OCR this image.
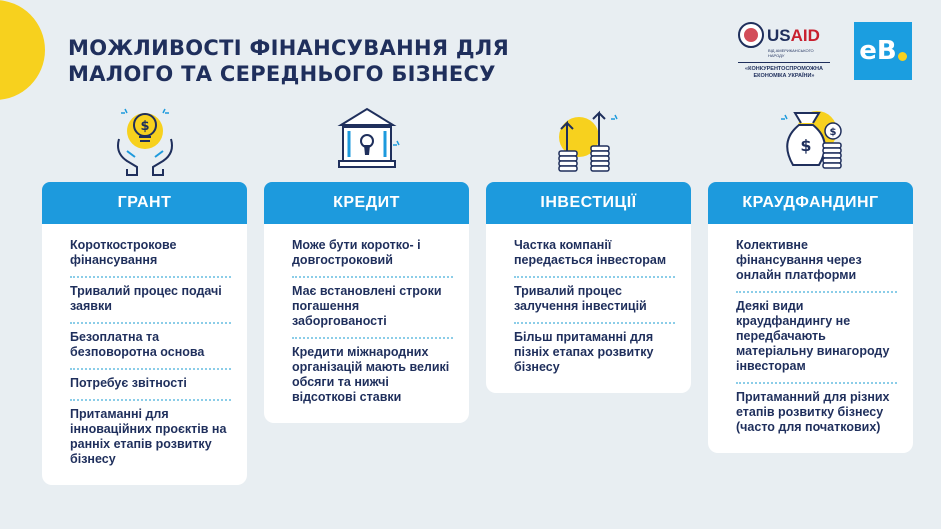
МОЖЛИВОСТІ ФІНАНСУВАННЯ ДЛЯ
МАЛОГО ТА СЕРЕДНЬОГО БІЗНЕСУ
USAID
ВІД АМЕРИКАНСЬКОГО НАРОДУ
«КОНКУРЕНТОСПРОМОЖНА ЕКОНОМІКА УКРАЇНИ»
eB
$
ГРАНТ
Короткострокове фінансування
Тривалий процес подачі заявки
Безоплатна та безповоротна основа
Потребує звітності
Притаманні для інноваційних проєктів на ранніх етапів розвитку бізнесу
КРЕДИТ
Може бути коротко- і довгостроковий
Має встановлені строки погашення заборгованості
Кредити міжнародних організацій мають великі обсяги та нижчі відсоткові ставки
ІНВЕСТИЦІЇ
Частка компанії передається інвесторам
Тривалий процес залучення інвестицій
Більш притаманні для пізніх етапах розвитку бізнесу
$
$
КРАУДФАНДИНГ
Колективне фінансування через онлайн платформи
Деякі види краудфандингу не передбачають матеріальну винагороду інвесторам
Притаманний для різних етапів розвитку бізнесу (часто для початкових)
